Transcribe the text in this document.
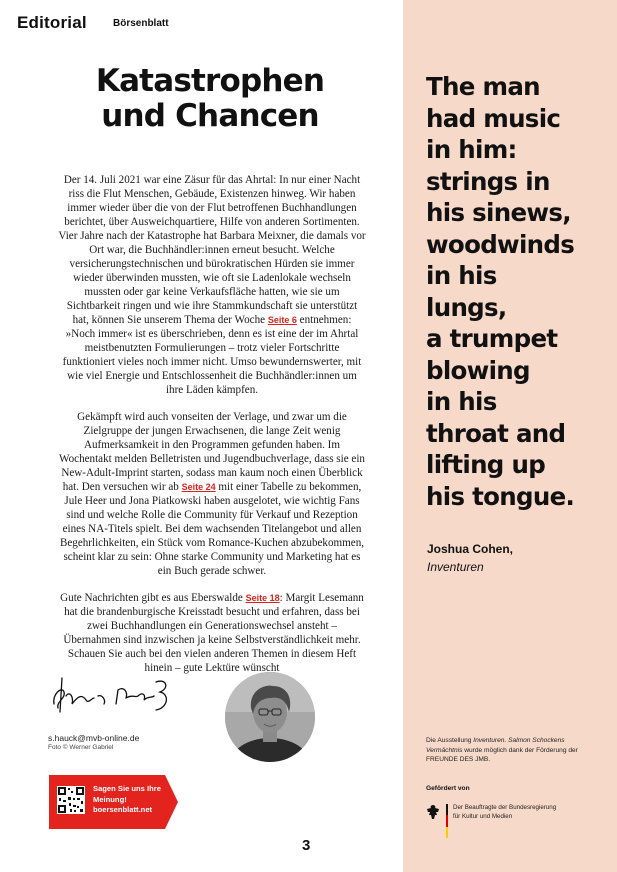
Editorial	Börsenblatt
Katastrophen
und Chancen

Der 14. Juli 2021 war eine Zäsur für das Ahrtal: In nur einer Nacht riss die Flut Menschen, Gebäude, Existenzen hinweg. Wir haben immer wieder über die von der Flut betroffenen Buchhandlungen berichtet, über Ausweichquartiere, Hilfe von anderen Sortimenten. Vier Jahre nach der Katastrophe hat Barbara Meixner, die damals vor Ort war, die Buchhändler:innen erneut besucht. Welche versicherungstechnischen und bürokratischen Hürden sie immer wieder überwinden mussten, wie oft sie Ladenlokale wechseln mussten oder gar keine Verkaufsfläche hatten, wie sie um Sichtbarkeit ringen und wie ihre Stammkundschaft sie unterstützt hat, können Sie unserem Thema der Woche Seite 6 entnehmen: »Noch immer« ist es überschrieben, denn es ist eine der im Ahrtal meistbenutzten Formulierungen – trotz vieler Fortschritte funktioniert vieles noch immer nicht. Umso bewundernswerter, mit wie viel Energie und Entschlossenheit die Buchhändler:innen um ihre Läden kämpfen.

Gekämpft wird auch vonseiten der Verlage, und zwar um die Zielgruppe der jungen Erwachsenen, die lange Zeit wenig Aufmerksamkeit in den Programmen gefunden haben. Im Wochentakt melden Belletristen und Jugendbuchverlage, dass sie ein New-Adult-Imprint starten, sodass man kaum noch einen Überblick hat. Den versuchen wir ab Seite 24 mit einer Tabelle zu bekommen, Jule Heer und Jona Piatkowski haben ausgelotet, wie wichtig Fans sind und welche Rolle die Community für Verkauf und Rezeption eines NA-Titels spielt. Bei dem wachsenden Titelangebot und allen Begehrlichkeiten, ein Stück vom Romance-Kuchen abzubekommen, scheint klar zu sein: Ohne starke Community und Marketing hat es ein Buch gerade schwer.

Gute Nachrichten gibt es aus Eberswalde Seite 18: Margit Lesemann hat die brandenburgische Kreisstadt besucht und erfahren, dass bei zwei Buchhandlungen ein Generationswechsel ansteht – Übernahmen sind inzwischen ja keine Selbstverständlichkeit mehr. Schauen Sie auch bei den vielen anderen Themen in diesem Heft hinein – gute Lektüre wünscht

s.hauck@mvb-online.de
Foto © Werner Gabriel
Sagen Sie uns Ihre
Meinung!
boersenblatt.net
3
The man
had music
in him:
strings in
his sinews,
woodwinds
in his
lungs,
a trumpet
blowing
in his
throat and
lifting up
his tongue.
Joshua Cohen,
Inventuren
Die Ausstellung Inventuren. Salmon Schockens Vermächtnis wurde möglich dank der Förderung der FREUNDE DES JMB.
Gefördert von
Der Beauftragte der Bundesregierung
für Kultur und Medien
